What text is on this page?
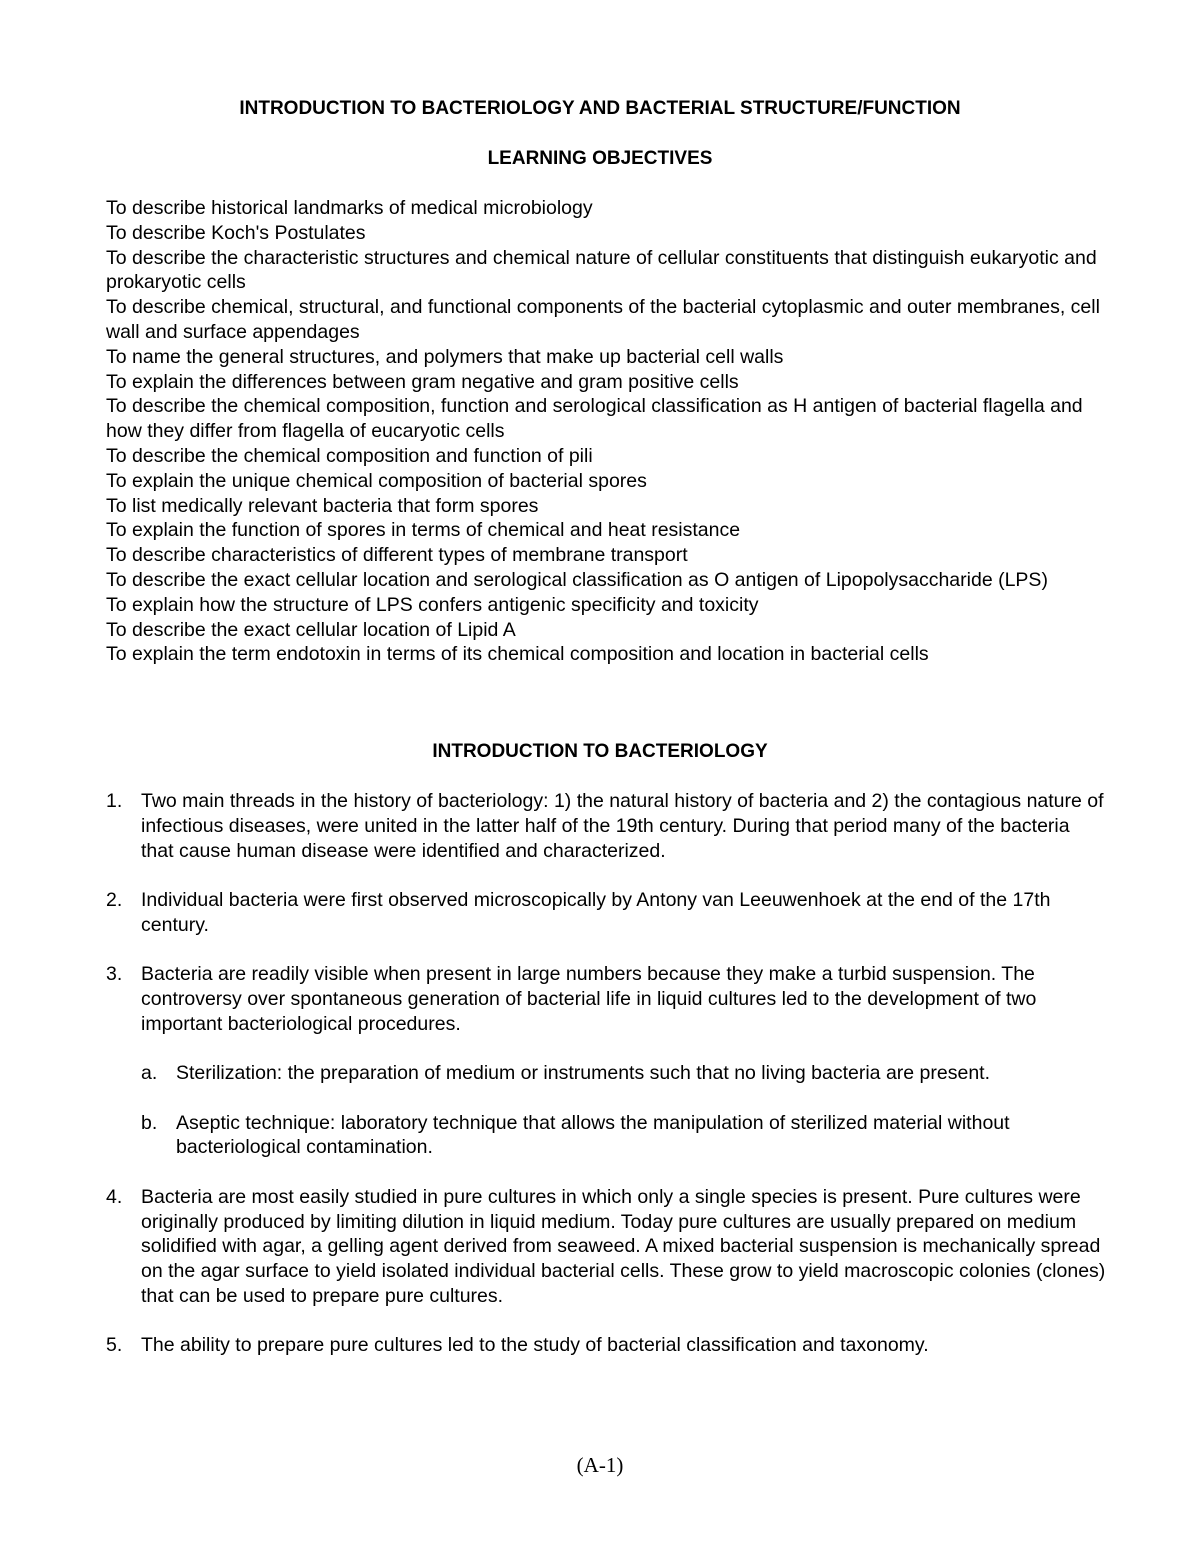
INTRODUCTION TO BACTERIOLOGY AND BACTERIAL STRUCTURE/FUNCTION
LEARNING OBJECTIVES
To describe historical landmarks of medical microbiology
To describe Koch's Postulates
To describe the characteristic structures and chemical nature of cellular constituents that distinguish eukaryotic and prokaryotic cells
To describe chemical, structural, and functional components of the bacterial cytoplasmic and outer membranes, cell wall and surface appendages
To name the general structures, and polymers that make up bacterial cell walls
To explain the differences between gram negative and gram positive cells
To describe the chemical composition, function and serological classification as H antigen of bacterial flagella and how they differ from flagella of eucaryotic cells
To describe the chemical composition and function of pili
To explain the unique chemical composition of bacterial spores
To list medically relevant bacteria that form spores
To explain the function of spores in terms of chemical and heat resistance
To describe characteristics of different types of membrane transport
To describe the exact cellular location and serological classification as O antigen of Lipopolysaccharide (LPS)
To explain how the structure of LPS confers antigenic specificity and toxicity
To describe the exact cellular location of Lipid A
To explain the term endotoxin in terms of its chemical composition and location in bacterial cells
INTRODUCTION TO BACTERIOLOGY
1. Two main threads in the history of bacteriology: 1) the natural history of bacteria and 2) the contagious nature of infectious diseases, were united in the latter half of the 19th century. During that period many of the bacteria that cause human disease were identified and characterized.
2. Individual bacteria were first observed microscopically by Antony van Leeuwenhoek at the end of the 17th century.
3. Bacteria are readily visible when present in large numbers because they make a turbid suspension. The controversy over spontaneous generation of bacterial life in liquid cultures led to the development of two important bacteriological procedures.
a. Sterilization: the preparation of medium or instruments such that no living bacteria are present.
b. Aseptic technique: laboratory technique that allows the manipulation of sterilized material without bacteriological contamination.
4. Bacteria are most easily studied in pure cultures in which only a single species is present. Pure cultures were originally produced by limiting dilution in liquid medium. Today pure cultures are usually prepared on medium solidified with agar, a gelling agent derived from seaweed. A mixed bacterial suspension is mechanically spread on the agar surface to yield isolated individual bacterial cells. These grow to yield macroscopic colonies (clones) that can be used to prepare pure cultures.
5. The ability to prepare pure cultures led to the study of bacterial classification and taxonomy.
(A-1)
